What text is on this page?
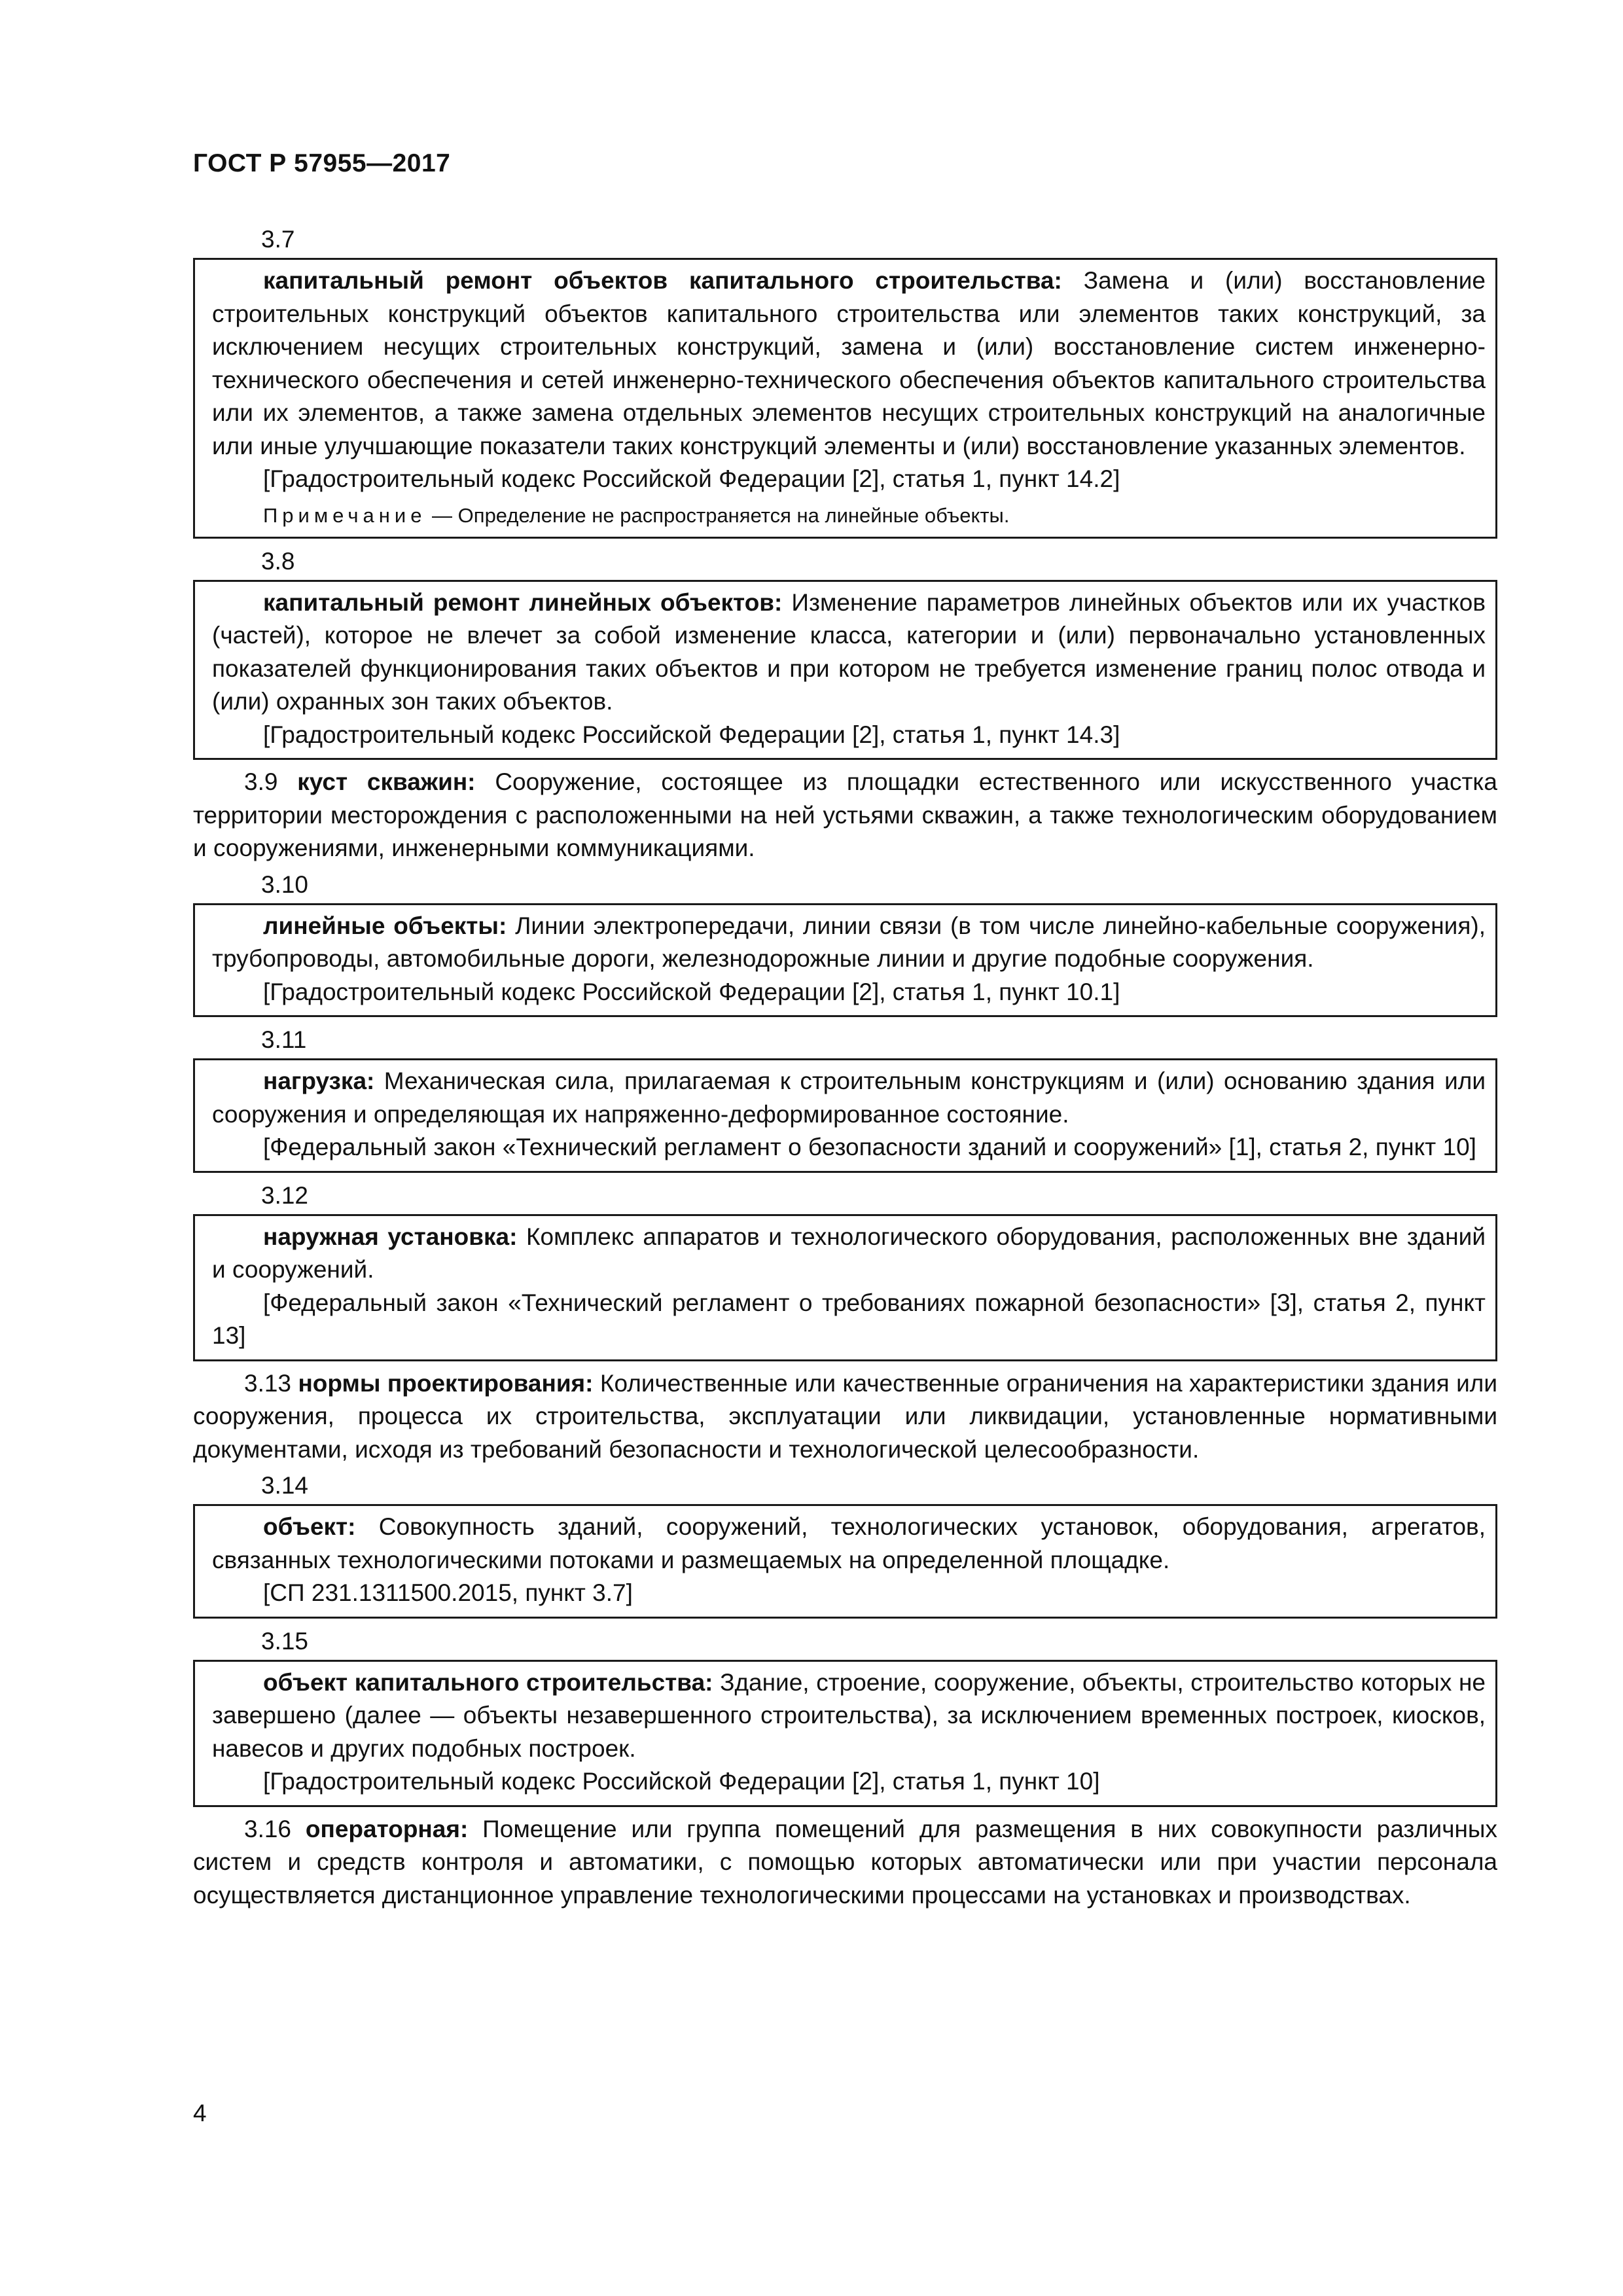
ГОСТ Р 57955—2017
3.7

капитальный ремонт объектов капитального строительства: Замена и (или) восстановление строительных конструкций объектов капитального строительства или элементов таких конструкций, за исключением несущих строительных конструкций, замена и (или) восстановление систем инженерно-технического обеспечения и сетей инженерно-технического обеспечения объектов капитального строительства или их элементов, а также замена отдельных элементов несущих строительных конструкций на аналогичные или иные улучшающие показатели таких конструкций элементы и (или) восстановление указанных элементов.

[Градостроительный кодекс Российской Федерации [2], статья 1, пункт 14.2]

Примечание — Определение не распространяется на линейные объекты.
3.8

капитальный ремонт линейных объектов: Изменение параметров линейных объектов или их участков (частей), которое не влечет за собой изменение класса, категории и (или) первоначально установленных показателей функционирования таких объектов и при котором не требуется изменение границ полос отвода и (или) охранных зон таких объектов.

[Градостроительный кодекс Российской Федерации [2], статья 1, пункт 14.3]

3.9 куст скважин: Сооружение, состоящее из площадки естественного или искусственного участка территории месторождения с расположенными на ней устьями скважин, а также технологическим оборудованием и сооружениями, инженерными коммуникациями.

3.10

линейные объекты: Линии электропередачи, линии связи (в том числе линейно-кабельные сооружения), трубопроводы, автомобильные дороги, железнодорожные линии и другие подобные сооружения.

[Градостроительный кодекс Российской Федерации [2], статья 1, пункт 10.1]

3.11

нагрузка: Механическая сила, прилагаемая к строительным конструкциям и (или) основанию здания или сооружения и определяющая их напряженно-деформированное состояние.

[Федеральный закон «Технический регламент о безопасности зданий и сооружений» [1], статья 2, пункт 10]

3.12

наружная установка: Комплекс аппаратов и технологического оборудования, расположенных вне зданий и сооружений.

[Федеральный закон «Технический регламент о требованиях пожарной безопасности» [3], статья 2, пункт 13]

3.13 нормы проектирования: Количественные или качественные ограничения на характеристики здания или сооружения, процесса их строительства, эксплуатации или ликвидации, установленные нормативными документами, исходя из требований безопасности и технологической целесообразности.

3.14

объект: Совокупность зданий, сооружений, технологических установок, оборудования, агрегатов, связанных технологическими потоками и размещаемых на определенной площадке.

[СП 231.1311500.2015, пункт 3.7]

3.15

объект капитального строительства: Здание, строение, сооружение, объекты, строительство которых не завершено (далее — объекты незавершенного строительства), за исключением временных построек, киосков, навесов и других подобных построек.

[Градостроительный кодекс Российской Федерации [2], статья 1, пункт 10]

3.16 операторная: Помещение или группа помещений для размещения в них совокупности различных систем и средств контроля и автоматики, с помощью которых автоматически или при участии персонала осуществляется дистанционное управление технологическими процессами на установках и производствах.

4
